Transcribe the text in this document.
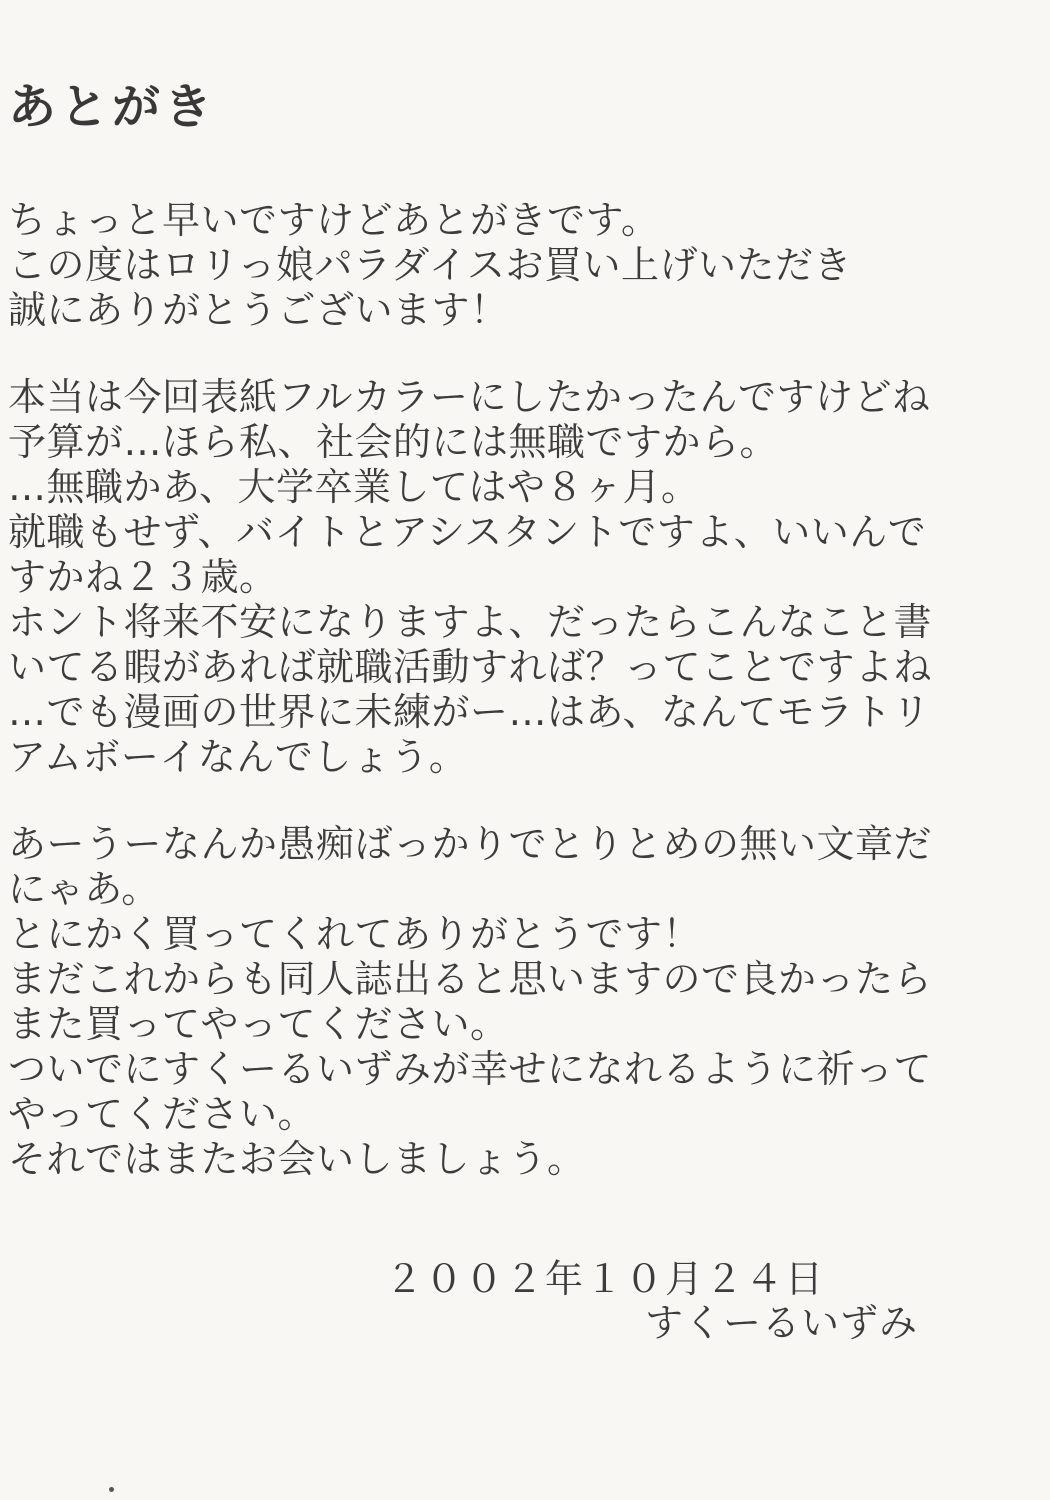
あとがき
ちょっと早いですけどあとがきです。
この度はロリっ娘パラダイスお買い上げいただき
誠にありがとうございます！
本当は今回表紙フルカラーにしたかったんですけどね
予算が…ほら私、社会的には無職ですから。
…無職かあ、大学卒業してはや８ヶ月。
就職もせず、バイトとアシスタントですよ、いいんで
すかね２３歳。
ホント将来不安になりますよ、だったらこんなこと書
いてる暇があれば就職活動すれば？ってことですよね
…でも漫画の世界に未練がー…はあ、なんてモラトリ
アムボーイなんでしょう。
あーうーなんか愚痴ばっかりでとりとめの無い文章だ
にゃあ。
とにかく買ってくれてありがとうです！
まだこれからも同人誌出ると思いますので良かったら
また買ってやってください。
ついでにすくーるいずみが幸せになれるように祈って
やってください。
それではまたお会いしましょう。
２００２年１０月２４日
すくーるいずみ
